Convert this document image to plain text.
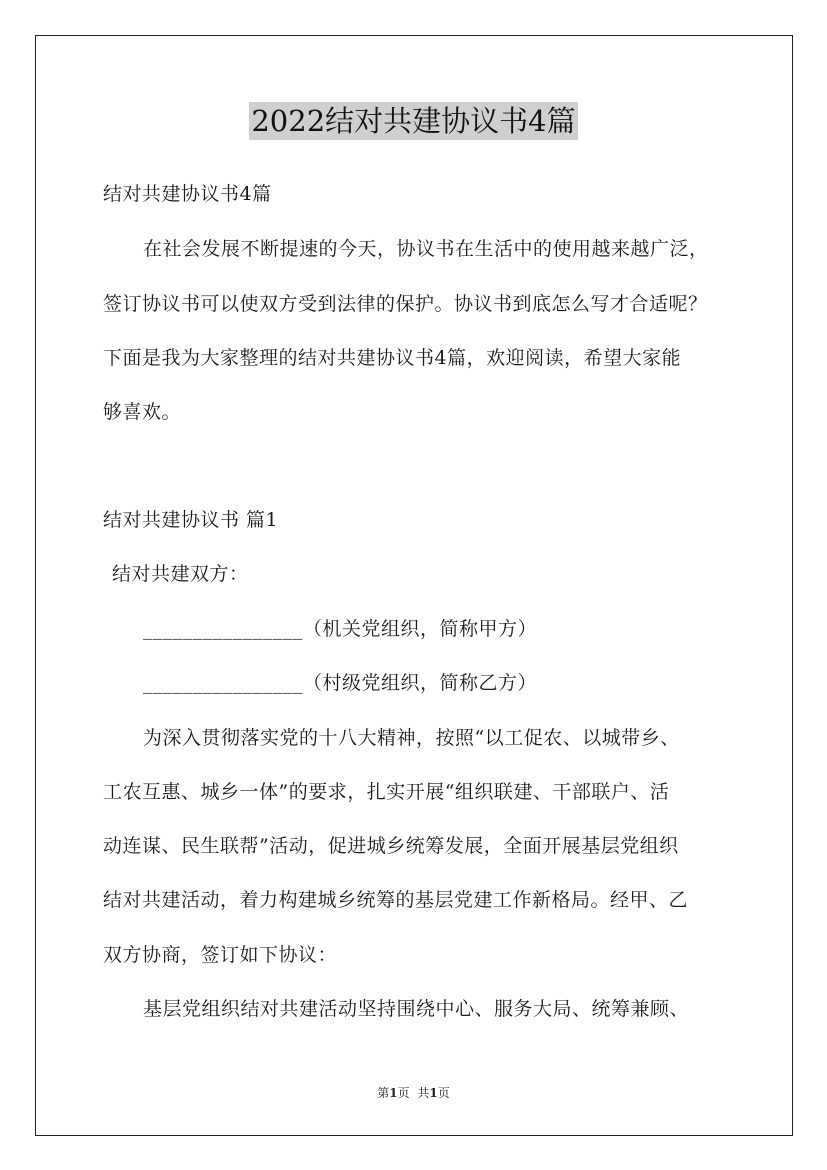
2022结对共建协议书4篇
结对共建协议书4篇
在社会发展不断提速的今天，协议书在生活中的使用越来越广泛，
签订协议书可以使双方受到法律的保护。协议书到底怎么写才合适呢？
下面是我为大家整理的结对共建协议书4篇，欢迎阅读，希望大家能
够喜欢。
结对共建协议书 篇1
结对共建双方：
________________（机关党组织，简称甲方）
________________（村级党组织，简称乙方）
为深入贯彻落实党的十八大精神，按照“以工促农、以城带乡、
工农互惠、城乡一体”的要求，扎实开展“组织联建、干部联户、活
动连谋、民生联帮”活动，促进城乡统筹发展，全面开展基层党组织
结对共建活动，着力构建城乡统筹的基层党建工作新格局。经甲、乙
双方协商，签订如下协议：
基层党组织结对共建活动坚持围绕中心、服务大局、统筹兼顾、
第1页 共1页
